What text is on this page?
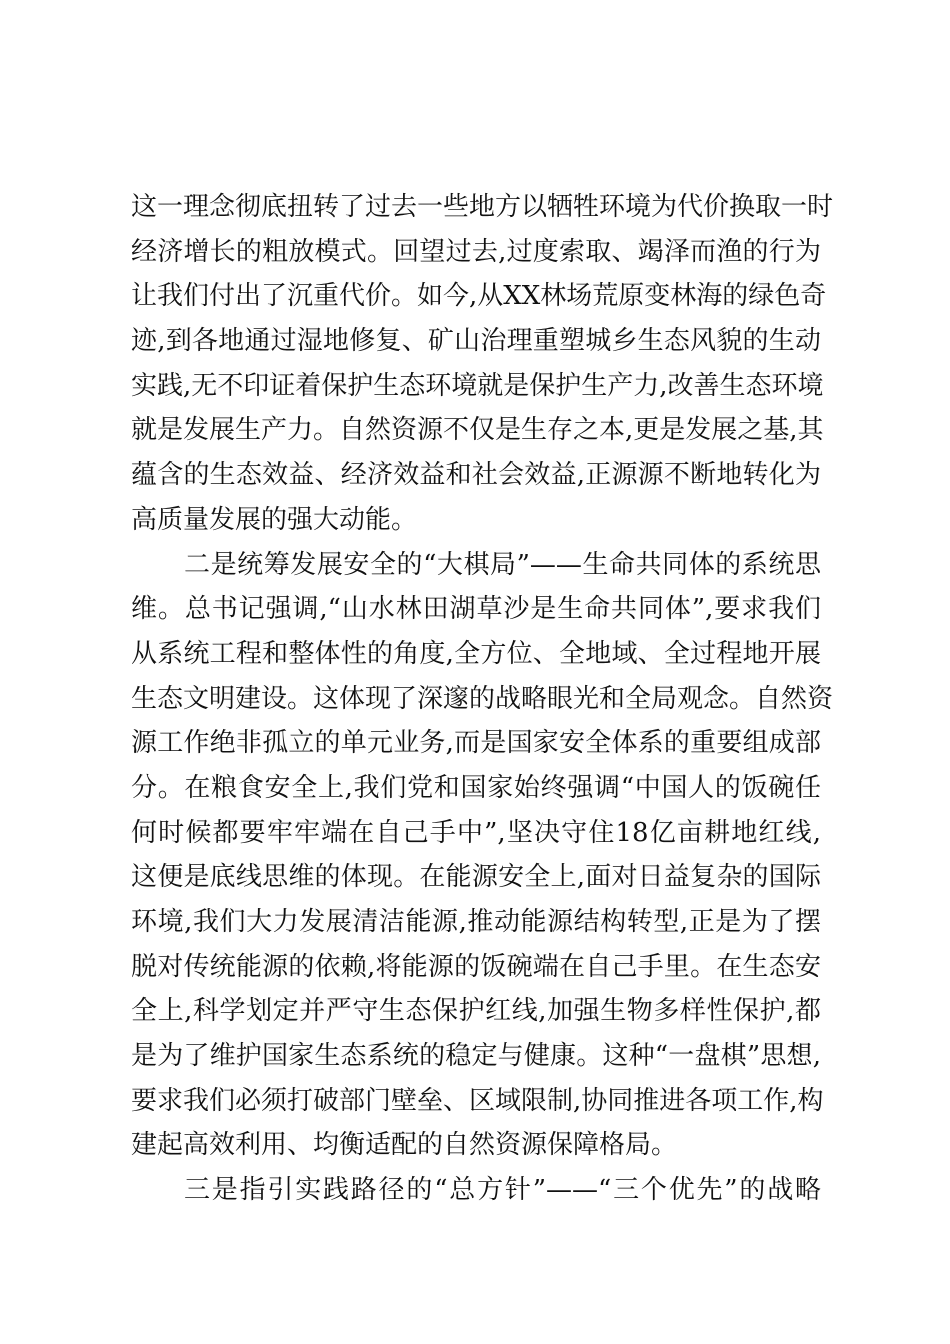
这一理念彻底扭转了过去一些地方以牺牲环境为代价换取一时
经济增长的粗放模式。回望过去,过度索取、竭泽而渔的行为
让我们付出了沉重代价。如今,从XX林场荒原变林海的绿色奇
迹,到各地通过湿地修复、矿山治理重塑城乡生态风貌的生动
实践,无不印证着保护生态环境就是保护生产力,改善生态环境
就是发展生产力。自然资源不仅是生存之本,更是发展之基,其
蕴含的生态效益、经济效益和社会效益,正源源不断地转化为
高质量发展的强大动能。
二是统筹发展安全的“大棋局”——生命共同体的系统思
维。总书记强调,“山水林田湖草沙是生命共同体”,要求我们
从系统工程和整体性的角度,全方位、全地域、全过程地开展
生态文明建设。这体现了深邃的战略眼光和全局观念。自然资
源工作绝非孤立的单元业务,而是国家安全体系的重要组成部
分。在粮食安全上,我们党和国家始终强调“中国人的饭碗任
何时候都要牢牢端在自己手中”,坚决守住18亿亩耕地红线,
这便是底线思维的体现。在能源安全上,面对日益复杂的国际
环境,我们大力发展清洁能源,推动能源结构转型,正是为了摆
脱对传统能源的依赖,将能源的饭碗端在自己手里。在生态安
全上,科学划定并严守生态保护红线,加强生物多样性保护,都
是为了维护国家生态系统的稳定与健康。这种“一盘棋”思想,
要求我们必须打破部门壁垒、区域限制,协同推进各项工作,构
建起高效利用、均衡适配的自然资源保障格局。
三是指引实践路径的“总方针”——“三个优先”的战略
